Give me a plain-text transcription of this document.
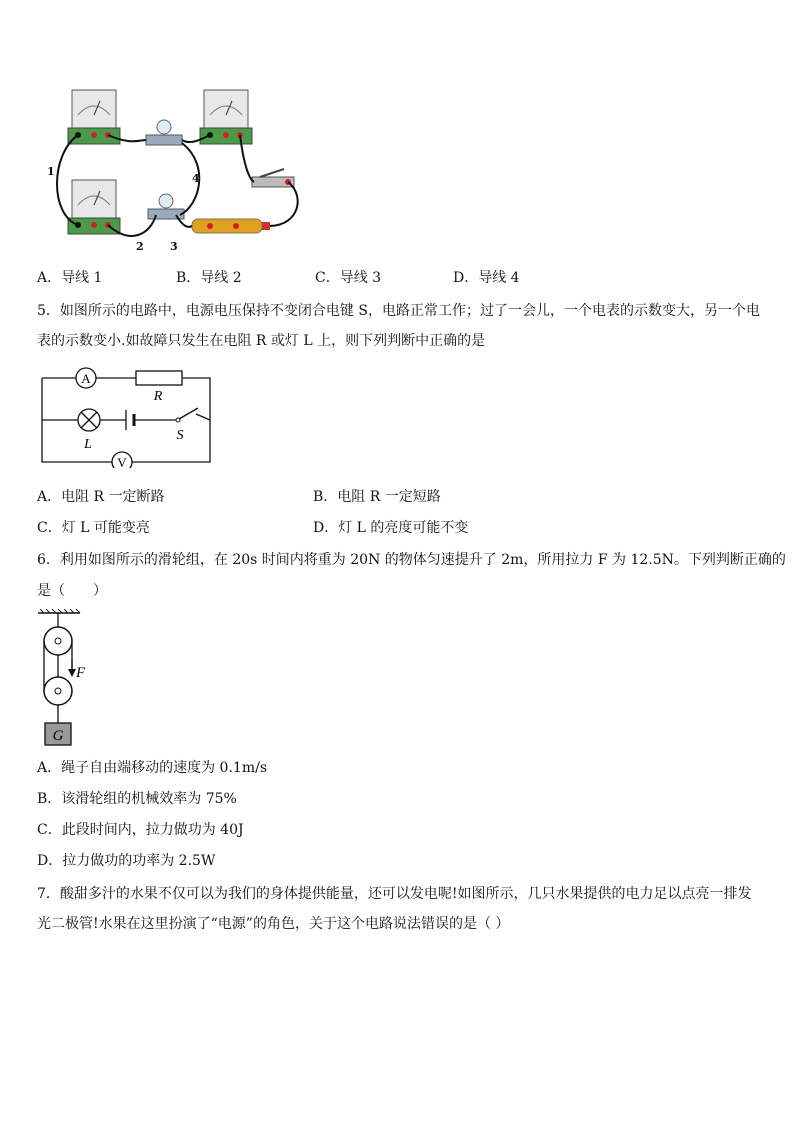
1
2 3
4
A．导线 1	B．导线 2	C．导线 3	D．导线 4
5．如图所示的电路中，电源电压保持不变闭合电键 S，电路正常工作；过了一会儿，一个电表的示数变大，另一个电
表的示数变小.如故障只发生在电阻 R 或灯 L 上，则下列判断中正确的是
A
R
L
S
V
A．电阻 R 一定断路	B．电阻 R 一定短路
C．灯 L 可能变亮	D．灯 L 的亮度可能不变
6．利用如图所示的滑轮组，在 20s 时间内将重为 20N 的物体匀速提升了 2m，所用拉力 F 为 12.5N。下列判断正确的
是（　　）
F
G
A．绳子自由端移动的速度为 0.1m/s
B．该滑轮组的机械效率为 75%
C．此段时间内，拉力做功为 40J
D．拉力做功的功率为 2.5W
7．酸甜多汁的水果不仅可以为我们的身体提供能量，还可以发电呢!如图所示，几只水果提供的电力足以点亮一排发
光二极管!水果在这里扮演了“电源”的角色，关于这个电路说法错误的是（ ）
